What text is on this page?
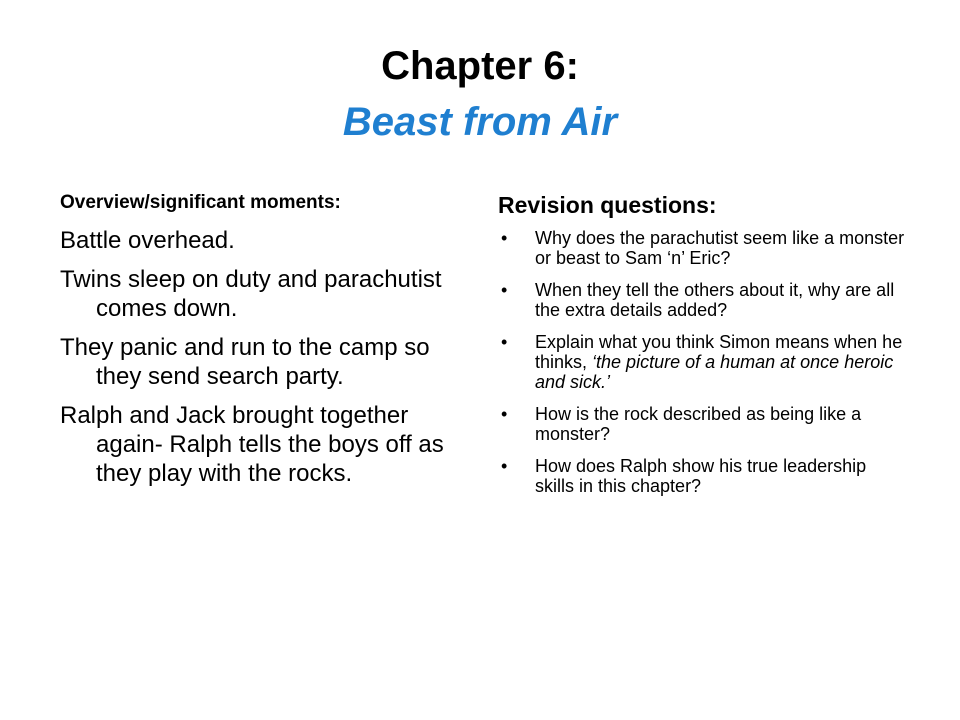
Chapter 6:
Beast from Air
Overview/significant moments:
Battle overhead.
Twins sleep on duty and parachutist comes down.
They panic and run to the camp so they send search party.
Ralph and Jack brought together again- Ralph tells the boys off as they play with the rocks.
Revision questions:
• Why does the parachutist seem like a monster or beast to Sam ‘n’ Eric?
• When they tell the others about it, why are all the extra details added?
• Explain what you think Simon means when he thinks, ‘the picture of a human at once heroic and sick.’
• How is the rock described as being like a monster?
• How does Ralph show his true leadership skills in this chapter?
